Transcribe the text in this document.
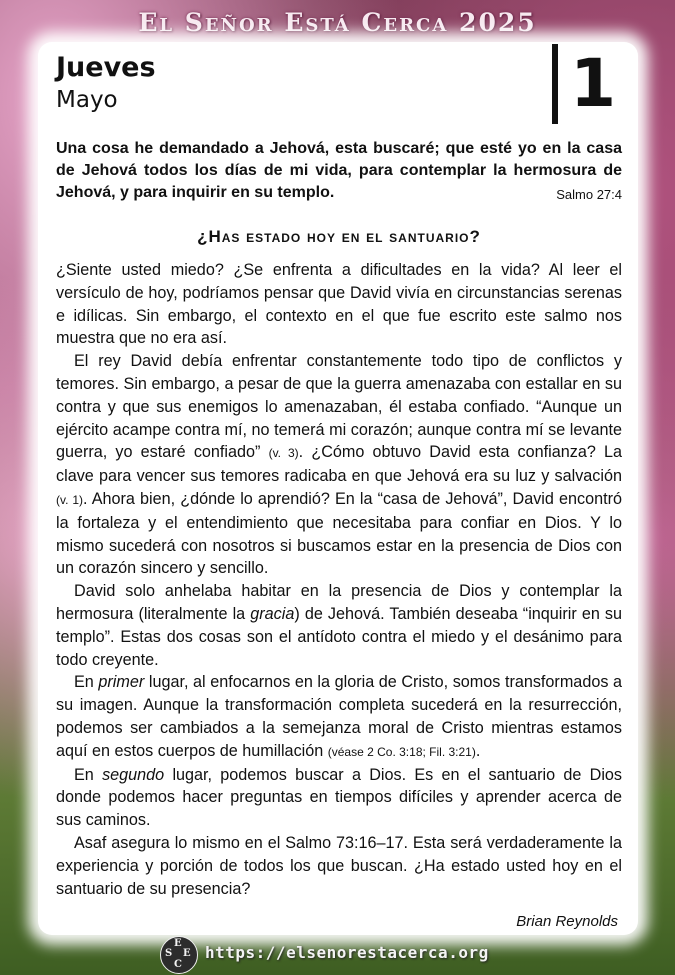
El Señor Está Cerca 2025
Jueves
Mayo	1
Una cosa he demandado a Jehová, esta buscaré; que esté yo en la casa de Jehová todos los días de mi vida, para contemplar la hermosura de Jehová, y para inquirir en su templo.	Salmo 27:4
¿Has estado hoy en el santuario?

¿Siente usted miedo? ¿Se enfrenta a dificultades en la vida? Al leer el versículo de hoy, podríamos pensar que David vivía en circunstancias serenas e idílicas. Sin embargo, el contexto en el que fue escrito este salmo nos muestra que no era así.

El rey David debía enfrentar constantemente todo tipo de conflictos y temores. Sin embargo, a pesar de que la guerra amenazaba con estallar en su contra y que sus enemigos lo amenazaban, él estaba confiado. “Aunque un ejército acampe contra mí, no temerá mi corazón; aunque contra mí se levante guerra, yo estaré confiado” (v. 3). ¿Cómo obtuvo David esta confianza? La clave para vencer sus temores radicaba en que Jehová era su luz y salvación (v. 1). Ahora bien, ¿dónde lo aprendió? En la “casa de Jehová”, David encontró la fortaleza y el entendimiento que necesitaba para confiar en Dios. Y lo mismo sucederá con nosotros si buscamos estar en la presencia de Dios con un corazón sincero y sencillo.

David solo anhelaba habitar en la presencia de Dios y contemplar la hermosura (literalmente la gracia) de Jehová. También deseaba “inquirir en su templo”. Estas dos cosas son el antídoto contra el miedo y el desánimo para todo creyente.

En primer lugar, al enfocarnos en la gloria de Cristo, somos transformados a su imagen. Aunque la transformación completa sucederá en la resurrección, podemos ser cambiados a la semejanza moral de Cristo mientras estamos aquí en estos cuerpos de humillación (véase 2 Co. 3:18; Fil. 3:21).

En segundo lugar, podemos buscar a Dios. Es en el santuario de Dios donde podemos hacer preguntas en tiempos difíciles y aprender acerca de sus caminos.

Asaf asegura lo mismo en el Salmo 73:16–17. Esta será verdaderamente la experiencia y porción de todos los que buscan. ¿Ha estado usted hoy en el santuario de su presencia?

Brian Reynolds
E
S E
C
https://elsenorestacerca.org
